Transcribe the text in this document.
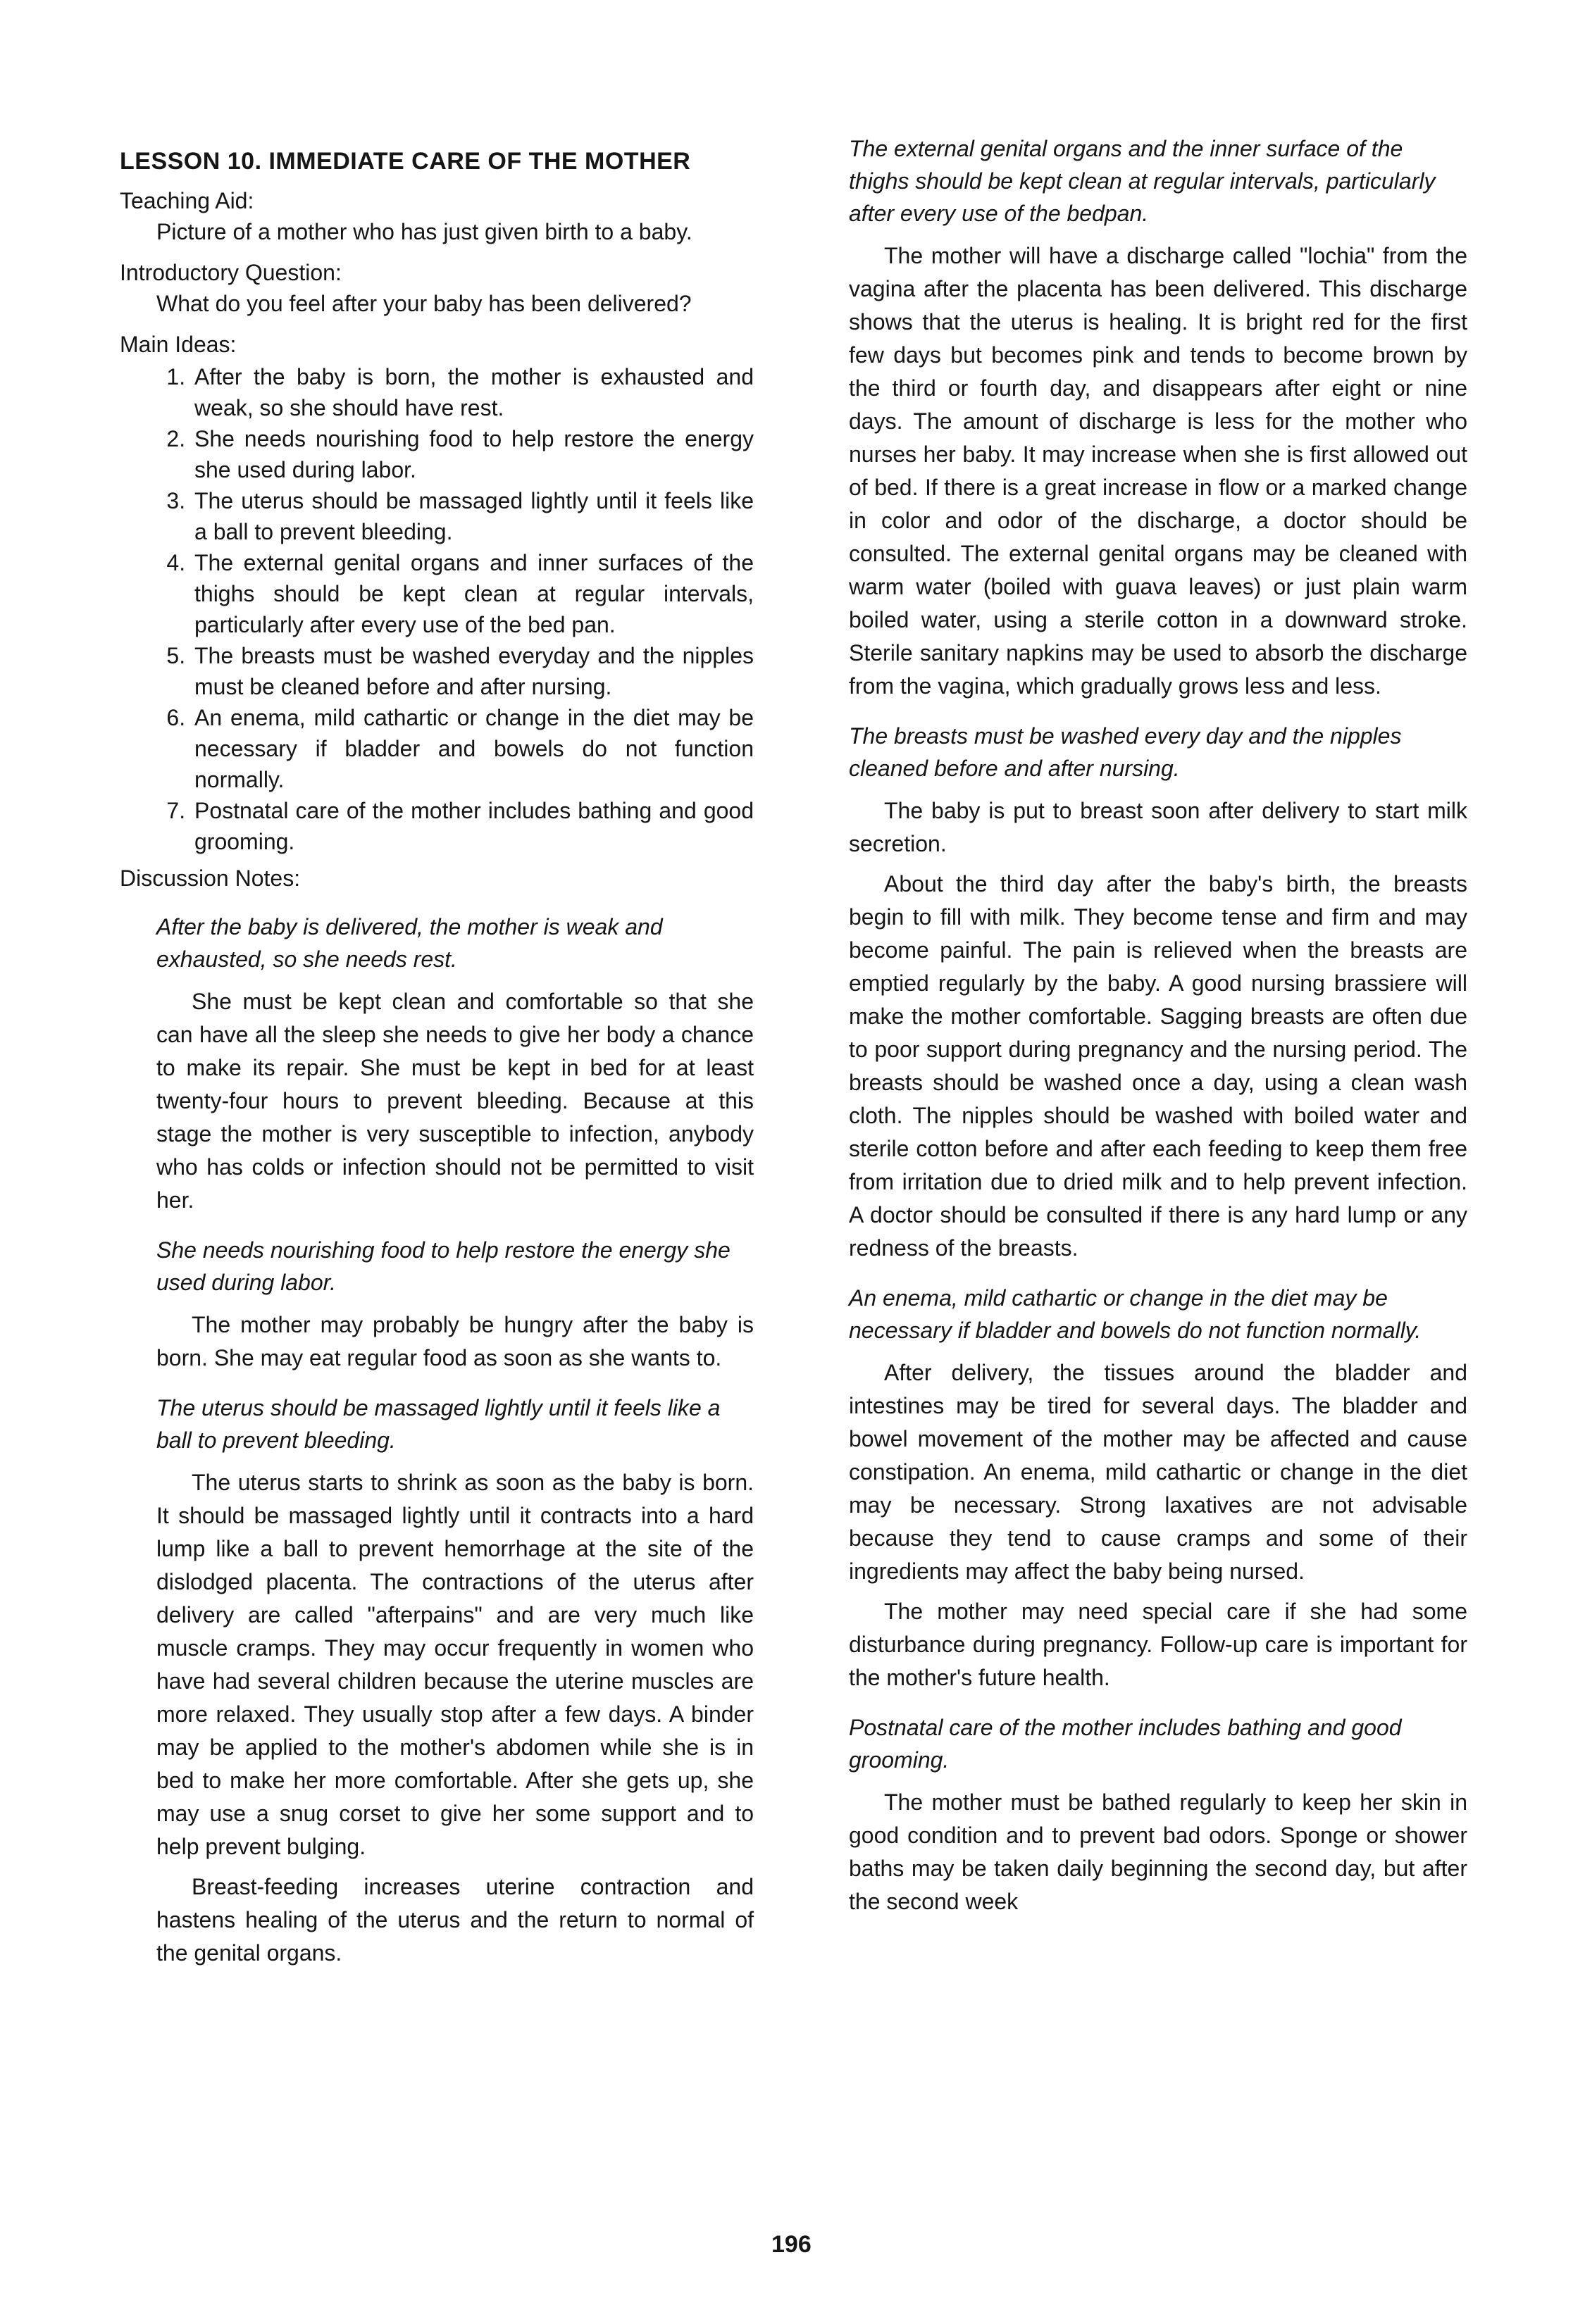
LESSON 10. IMMEDIATE CARE OF THE MOTHER
Teaching Aid:
Picture of a mother who has just given birth to a baby.
Introductory Question:
What do you feel after your baby has been delivered?
Main Ideas:
1. After the baby is born, the mother is exhausted and weak, so she should have rest.
2. She needs nourishing food to help restore the energy she used during labor.
3. The uterus should be massaged lightly until it feels like a ball to prevent bleeding.
4. The external genital organs and inner surfaces of the thighs should be kept clean at regular intervals, particularly after every use of the bed pan.
5. The breasts must be washed everyday and the nipples must be cleaned before and after nursing.
6. An enema, mild cathartic or change in the diet may be necessary if bladder and bowels do not function normally.
7. Postnatal care of the mother includes bathing and good grooming.
Discussion Notes:
After the baby is delivered, the mother is weak and exhausted, so she needs rest.

She must be kept clean and comfortable so that she can have all the sleep she needs to give her body a chance to make its repair. She must be kept in bed for at least twenty-four hours to prevent bleeding. Because at this stage the mother is very susceptible to infection, anybody who has colds or infection should not be permitted to visit her.

She needs nourishing food to help restore the energy she used during labor.

The mother may probably be hungry after the baby is born. She may eat regular food as soon as she wants to.

The uterus should be massaged lightly until it feels like a ball to prevent bleeding.

The uterus starts to shrink as soon as the baby is born. It should be massaged lightly until it contracts into a hard lump like a ball to prevent hemorrhage at the site of the dislodged placenta. The contractions of the uterus after delivery are called "afterpains" and are very much like muscle cramps. They may occur frequently in women who have had several children because the uterine muscles are more relaxed. They usually stop after a few days. A binder may be applied to the mother's abdomen while she is in bed to make her more comfortable. After she gets up, she may use a snug corset to give her some support and to help prevent bulging.

Breast-feeding increases uterine contraction and hastens healing of the uterus and the return to normal of the genital organs.

The external genital organs and the inner surface of the thighs should be kept clean at regular intervals, particularly after every use of the bedpan.

The mother will have a discharge called "lochia" from the vagina after the placenta has been delivered. This discharge shows that the uterus is healing. It is bright red for the first few days but becomes pink and tends to become brown by the third or fourth day, and disappears after eight or nine days. The amount of discharge is less for the mother who nurses her baby. It may increase when she is first allowed out of bed. If there is a great increase in flow or a marked change in color and odor of the discharge, a doctor should be consulted. The external genital organs may be cleaned with warm water (boiled with guava leaves) or just plain warm boiled water, using a sterile cotton in a downward stroke. Sterile sanitary napkins may be used to absorb the discharge from the vagina, which gradually grows less and less.

The breasts must be washed every day and the nipples cleaned before and after nursing.

The baby is put to breast soon after delivery to start milk secretion.

About the third day after the baby's birth, the breasts begin to fill with milk. They become tense and firm and may become painful. The pain is relieved when the breasts are emptied regularly by the baby. A good nursing brassiere will make the mother comfortable. Sagging breasts are often due to poor support during pregnancy and the nursing period. The breasts should be washed once a day, using a clean wash cloth. The nipples should be washed with boiled water and sterile cotton before and after each feeding to keep them free from irritation due to dried milk and to help prevent infection. A doctor should be consulted if there is any hard lump or any redness of the breasts.

An enema, mild cathartic or change in the diet may be necessary if bladder and bowels do not function normally.

After delivery, the tissues around the bladder and intestines may be tired for several days. The bladder and bowel movement of the mother may be affected and cause constipation. An enema, mild cathartic or change in the diet may be necessary. Strong laxatives are not advisable because they tend to cause cramps and some of their ingredients may affect the baby being nursed.

The mother may need special care if she had some disturbance during pregnancy. Follow-up care is important for the mother's future health.

Postnatal care of the mother includes bathing and good grooming.

The mother must be bathed regularly to keep her skin in good condition and to prevent bad odors. Sponge or shower baths may be taken daily beginning the second day, but after the second week

196
